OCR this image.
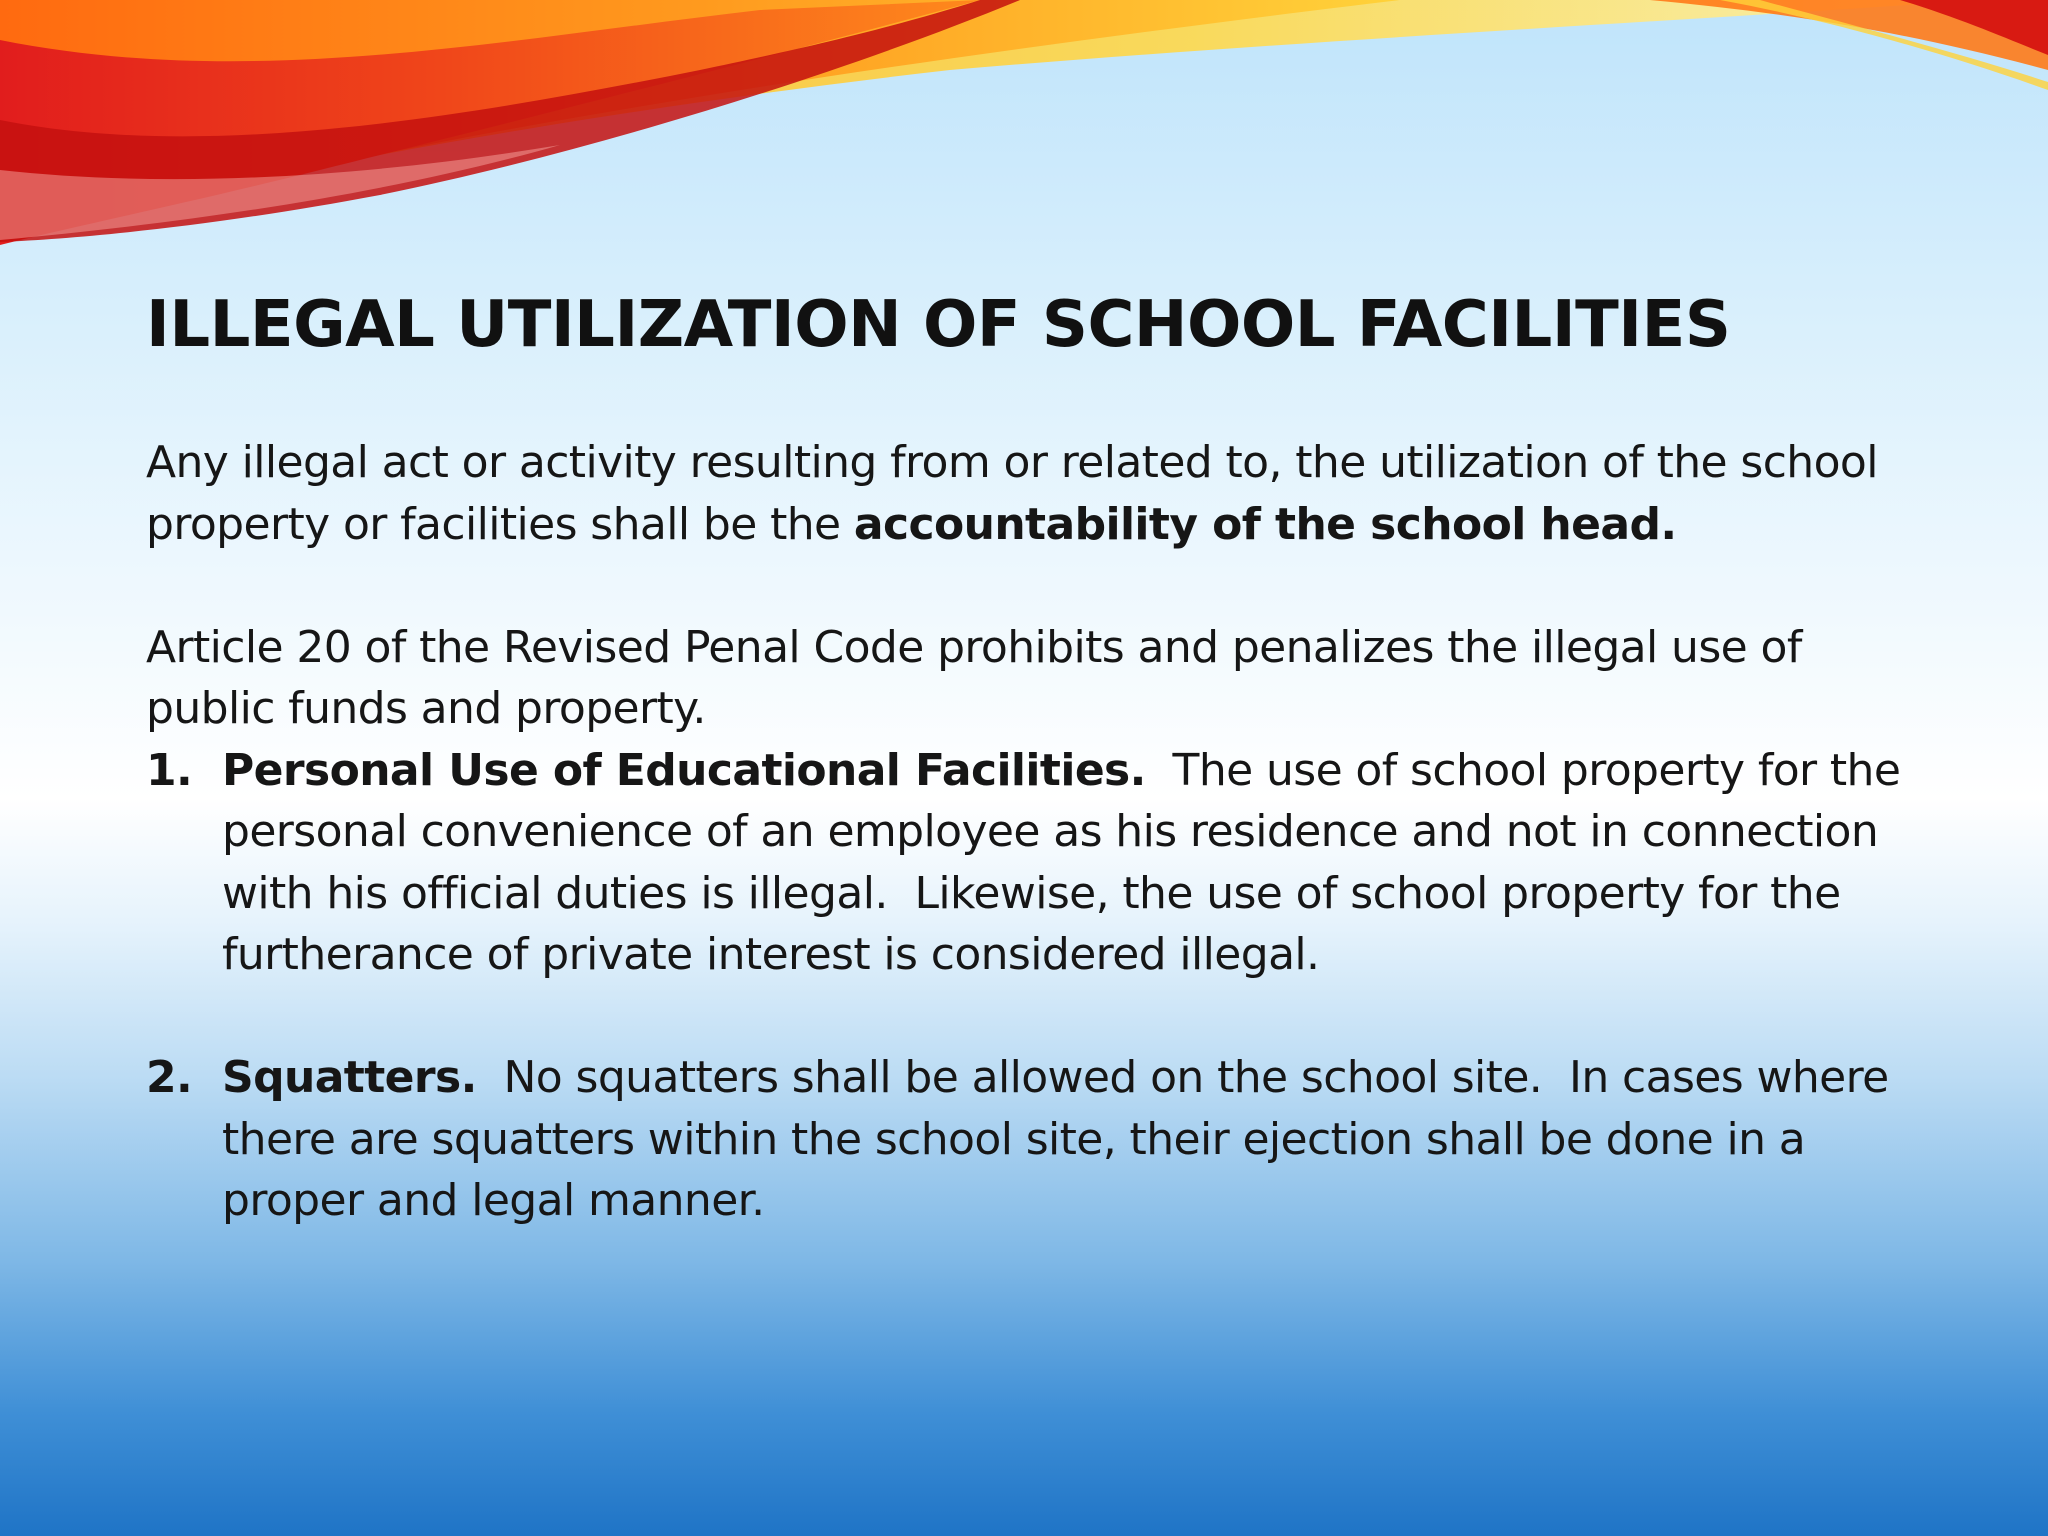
ILLEGAL UTILIZATION OF SCHOOL FACILITIES

Any illegal act or activity resulting from or related to, the utilization of the school property or facilities shall be the accountability of the school head.

Article 20 of the Revised Penal Code prohibits and penalizes the illegal use of public funds and property.

1. Personal Use of Educational Facilities.  The use of school property for the personal convenience of an employee as his residence and not in connection with his official duties is illegal.  Likewise, the use of school property for the furtherance of private interest is considered illegal.

2. Squatters.  No squatters shall be allowed on the school site.  In cases where there are squatters within the school site, their ejection shall be done in a proper and legal manner.
